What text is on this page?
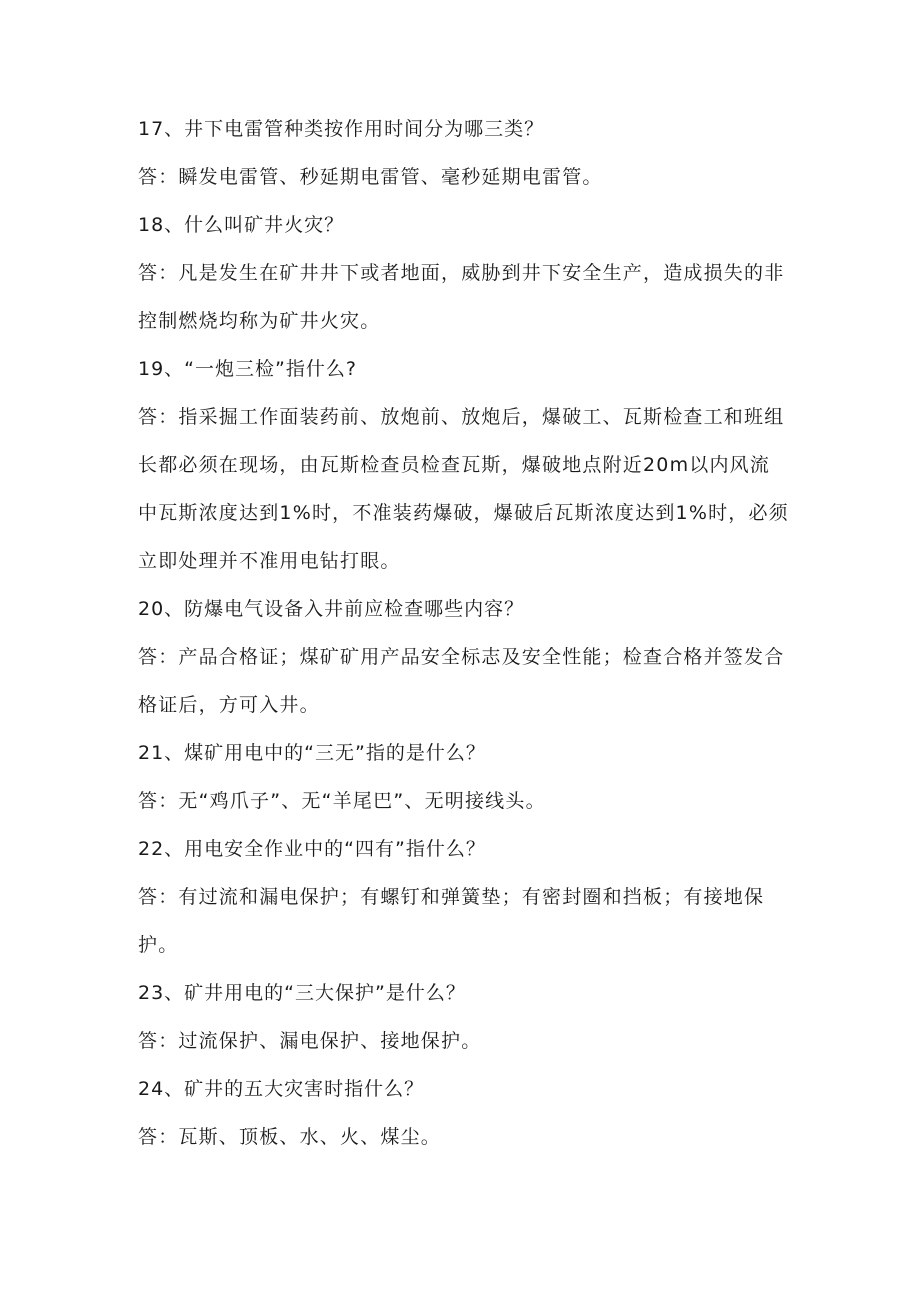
17、井下电雷管种类按作用时间分为哪三类？
答：瞬发电雷管、秒延期电雷管、毫秒延期电雷管。
18、什么叫矿井火灾？
答：凡是发生在矿井井下或者地面，威胁到井下安全生产，造成损失的非
控制燃烧均称为矿井火灾。
19、“一炮三检”指什么?
答：指采掘工作面装药前、放炮前、放炮后，爆破工、瓦斯检查工和班组
长都必须在现场，由瓦斯检查员检查瓦斯，爆破地点附近20m以内风流
中瓦斯浓度达到1%时，不准装药爆破，爆破后瓦斯浓度达到1%时，必须
立即处理并不准用电钻打眼。
20、防爆电气设备入井前应检查哪些内容？
答：产品合格证；煤矿矿用产品安全标志及安全性能；检查合格并签发合
格证后，方可入井。
21、煤矿用电中的“三无”指的是什么？
答：无“鸡爪子”、无“羊尾巴”、无明接线头。
22、用电安全作业中的“四有”指什么？
答：有过流和漏电保护；有螺钉和弹簧垫；有密封圈和挡板；有接地保
护。
23、矿井用电的“三大保护”是什么？
答：过流保护、漏电保护、接地保护。
24、矿井的五大灾害时指什么？
答：瓦斯、顶板、水、火、煤尘。
